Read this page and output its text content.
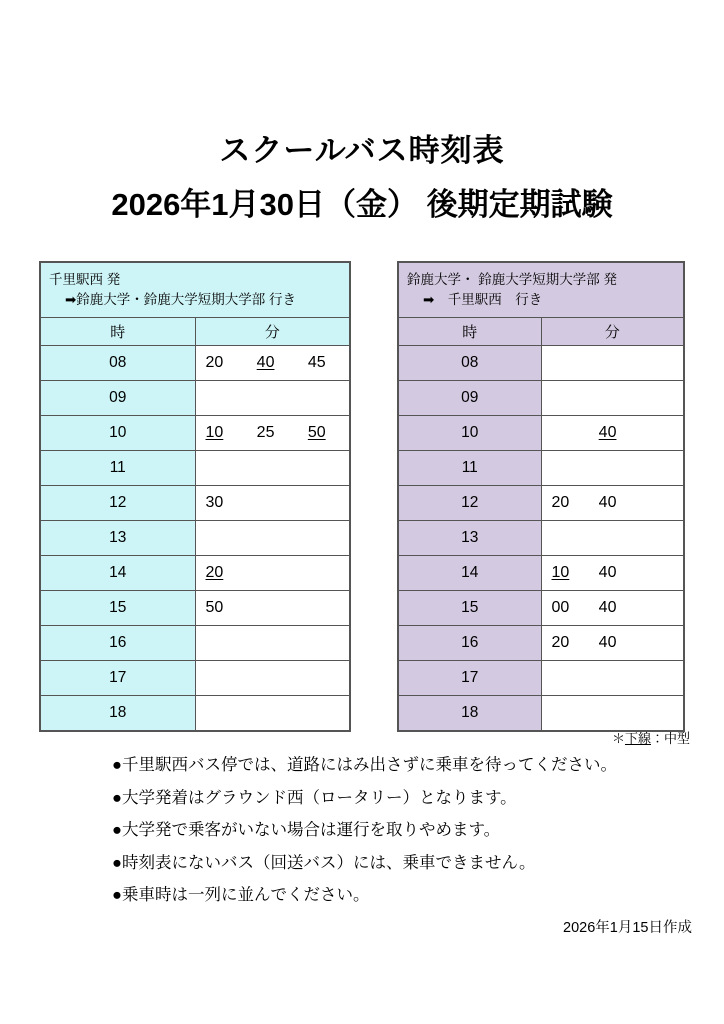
スクールバス時刻表
2026年1月30日（金） 後期定期試験
千里駅西 発
➡鈴鹿大学・鈴鹿大学短期大学部 行き	

時	分
08	20 40 45

09	

10	10 25 50

11	

12	30

13	

14	20

15	50

16	

17	

18	
鈴鹿大学・ 鈴鹿大学短期大学部 発
➡　千里駅西　行き	

時	分
08	

09	

10	40

11	

12	20 40

13	

14	10 40

15	00 40

16	20 40

17	

18	
＊下線：中型
●千里駅西バス停では、道路にはみ出さずに乗車を待ってください。
●大学発着はグラウンド西（ロータリー）となります。
●大学発で乗客がいない場合は運行を取りやめます。
●時刻表にないバス（回送バス）には、乗車できません。
●乗車時は一列に並んでください。
2026年1月15日作成
